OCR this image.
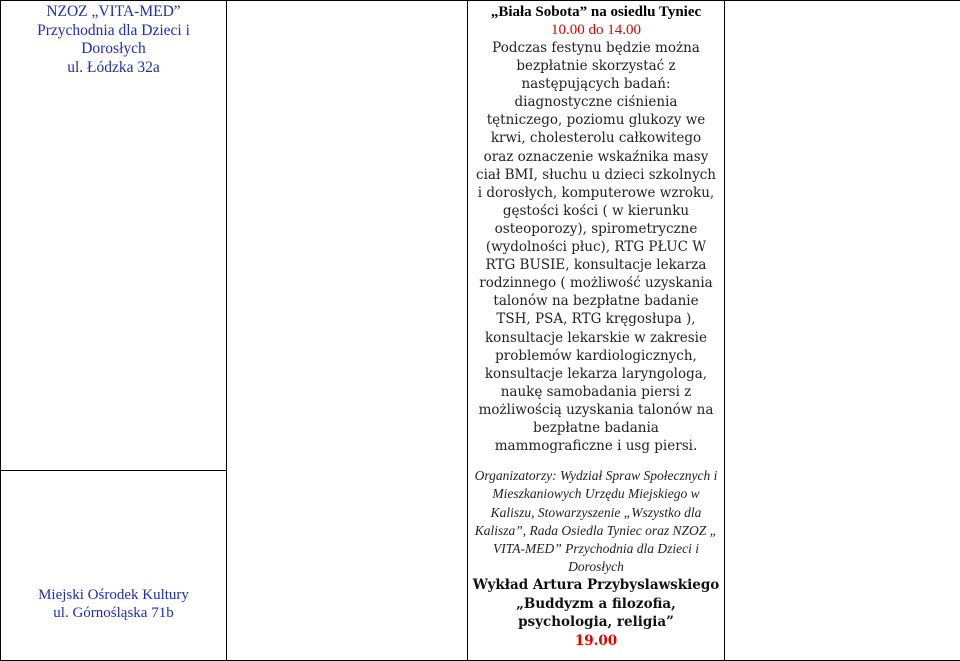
NZOZ „VITA-MED”
Przychodnia dla Dzieci i
Dorosłych
ul. Łódzka 32a

„Biała Sobota” na osiedlu Tyniec
10.00 do 14.00
Podczas festynu będzie można bezpłatnie skorzystać z następujących badań: diagnostyczne ciśnienia tętniczego, poziomu glukozy we krwi, cholesterolu całkowitego oraz oznaczenie wskaźnika masy ciał BMI, słuchu u dzieci szkolnych i dorosłych, komputerowe wzroku, gęstości kości ( w kierunku osteoporozy), spirometryczne (wydolności płuc), RTG PŁUC W RTG BUSIE, konsultacje lekarza rodzinnego ( możliwość uzyskania talonów na bezpłatne badanie TSH, PSA, RTG kręgosłupa ), konsultacje lekarskie w zakresie problemów kardiologicznych, konsultacje lekarza laryngologa, naukę samobadania piersi z możliwością uzyskania talonów na bezpłatne badania mammograficzne i usg piersi.
Organizatorzy: Wydział Spraw Społecznych i Mieszkaniowych Urzędu Miejskiego w Kaliszu, Stowarzyszenie „Wszystko dla Kalisza”, Rada Osiedla Tyniec oraz NZOZ „ VITA-MED” Przychodnia dla Dzieci i Dorosłych
Wykład Artura Przybyslawskiego
„Buddyzm a filozofia,
psychologia, religia”
19.00

Miejski Ośrodek Kultury
ul. Górnośląska 71b
